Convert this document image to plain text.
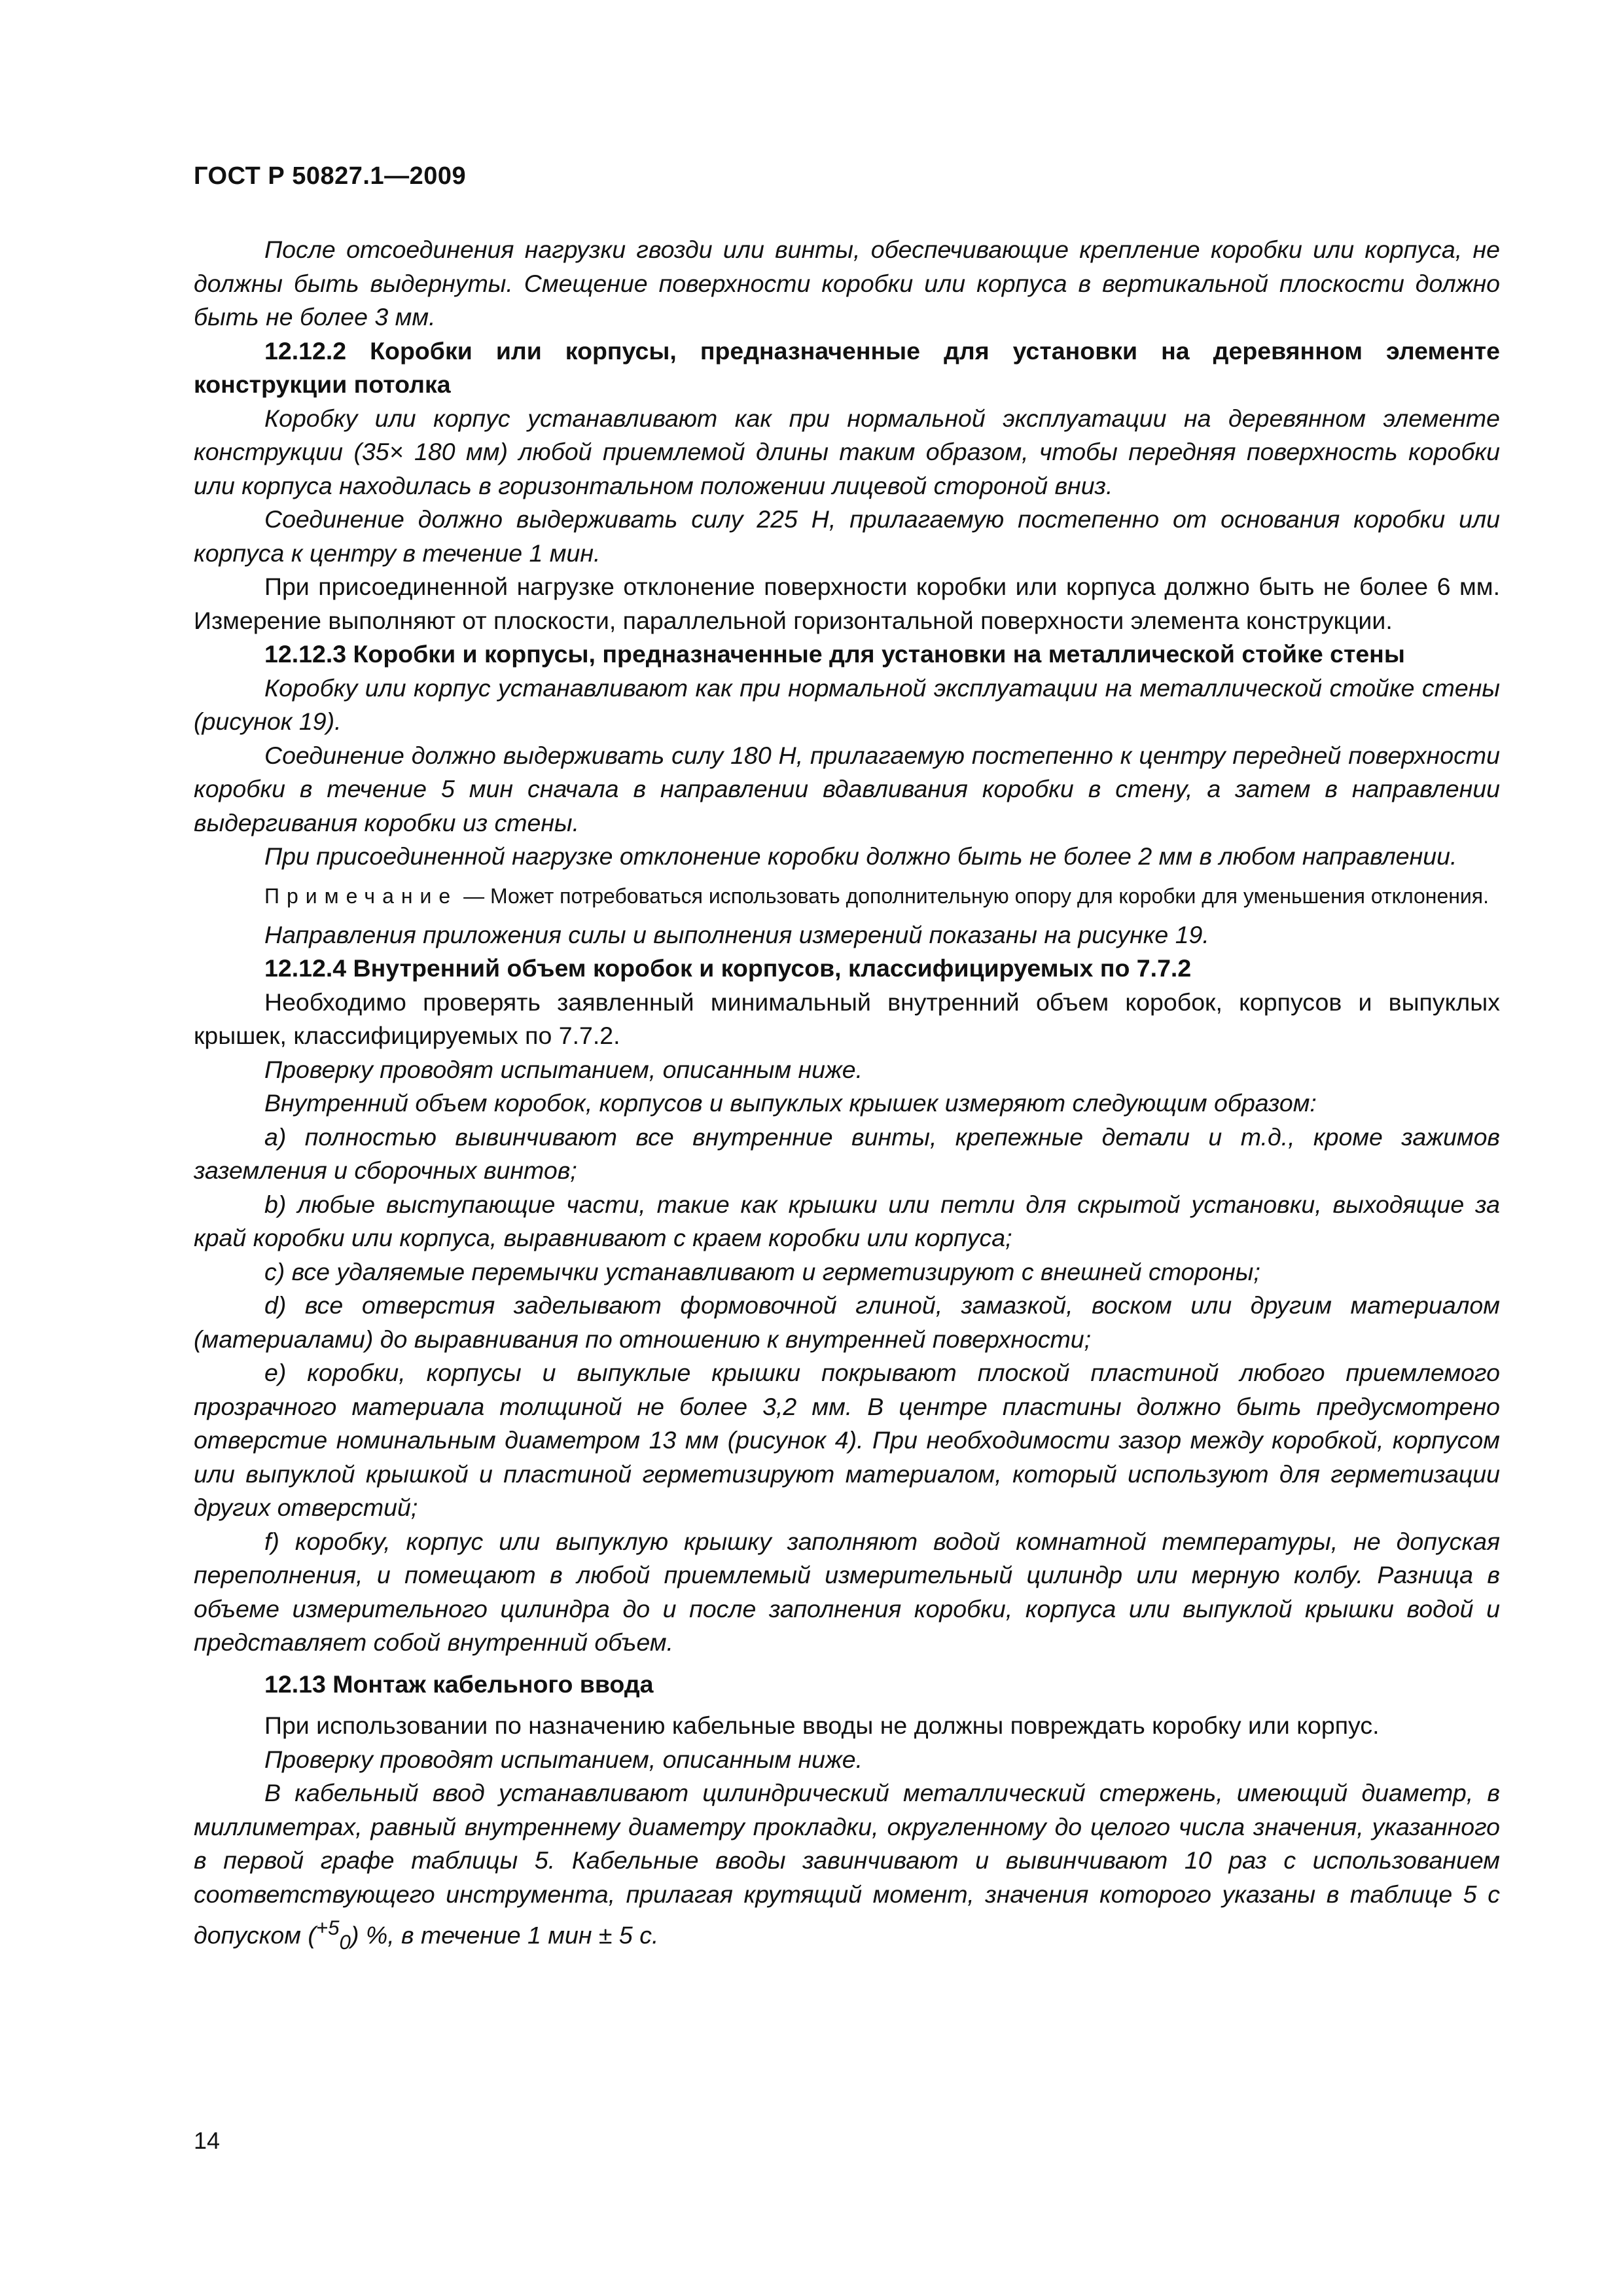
ГОСТ Р 50827.1—2009

После отсоединения нагрузки гвозди или винты, обеспечивающие крепление коробки или корпуса, не должны быть выдернуты. Смещение поверхности коробки или корпуса в вертикальной плоскости должно быть не более 3 мм.

12.12.2 Коробки или корпусы, предназначенные для установки на деревянном элементе конструкции потолка

Коробку или корпус устанавливают как при нормальной эксплуатации на деревянном элементе конструкции (35× 180 мм) любой приемлемой длины таким образом, чтобы передняя поверхность коробки или корпуса находилась в горизонтальном положении лицевой стороной вниз.

Соединение должно выдерживать силу 225 Н, прилагаемую постепенно от основания коробки или корпуса к центру в течение 1 мин.

При присоединенной нагрузке отклонение поверхности коробки или корпуса должно быть не более 6 мм. Измерение выполняют от плоскости, параллельной горизонтальной поверхности элемента конструкции.

12.12.3 Коробки и корпусы, предназначенные для установки на металлической стойке стены

Коробку или корпус устанавливают как при нормальной эксплуатации на металлической стойке стены (рисунок 19).

Соединение должно выдерживать силу 180 Н, прилагаемую постепенно к центру передней поверхности коробки в течение 5 мин сначала в направлении вдавливания коробки в стену, а затем в направлении выдергивания коробки из стены.

При присоединенной нагрузке отклонение коробки должно быть не более 2 мм в любом направлении.

Примечание — Может потребоваться использовать дополнительную опору для коробки для уменьшения отклонения.

Направления приложения силы и выполнения измерений показаны на рисунке 19.

12.12.4 Внутренний объем коробок и корпусов, классифицируемых по 7.7.2

Необходимо проверять заявленный минимальный внутренний объем коробок, корпусов и выпуклых крышек, классифицируемых по 7.7.2.

Проверку проводят испытанием, описанным ниже.

Внутренний объем коробок, корпусов и выпуклых крышек измеряют следующим образом:

a) полностью вывинчивают все внутренние винты, крепежные детали и т.д., кроме зажимов заземления и сборочных винтов;

b) любые выступающие части, такие как крышки или петли для скрытой установки, выходящие за край коробки или корпуса, выравнивают с краем коробки или корпуса;

c) все удаляемые перемычки устанавливают и герметизируют с внешней стороны;

d) все отверстия заделывают формовочной глиной, замазкой, воском или другим материалом (материалами) до выравнивания по отношению к внутренней поверхности;

e) коробки, корпусы и выпуклые крышки покрывают плоской пластиной любого приемлемого прозрачного материала толщиной не более 3,2 мм. В центре пластины должно быть предусмотрено отверстие номинальным диаметром 13 мм (рисунок 4). При необходимости зазор между коробкой, корпусом или выпуклой крышкой и пластиной герметизируют материалом, который используют для герметизации других отверстий;

f) коробку, корпус или выпуклую крышку заполняют водой комнатной температуры, не допуская переполнения, и помещают в любой приемлемый измерительный цилиндр или мерную колбу. Разница в объеме измерительного цилиндра до и после заполнения коробки, корпуса или выпуклой крышки водой и представляет собой внутренний объем.

12.13 Монтаж кабельного ввода

При использовании по назначению кабельные вводы не должны повреждать коробку или корпус.

Проверку проводят испытанием, описанным ниже.

В кабельный ввод устанавливают цилиндрический металлический стержень, имеющий диаметр, в миллиметрах, равный внутреннему диаметру прокладки, округленному до целого числа значения, указанного в первой графе таблицы 5. Кабельные вводы завинчивают и вывинчивают 10 раз с использованием соответствующего инструмента, прилагая крутящий момент, значения которого указаны в таблице 5 с допуском ($^{+5}_0$) %, в течение 1 мин ± 5 с.

14
